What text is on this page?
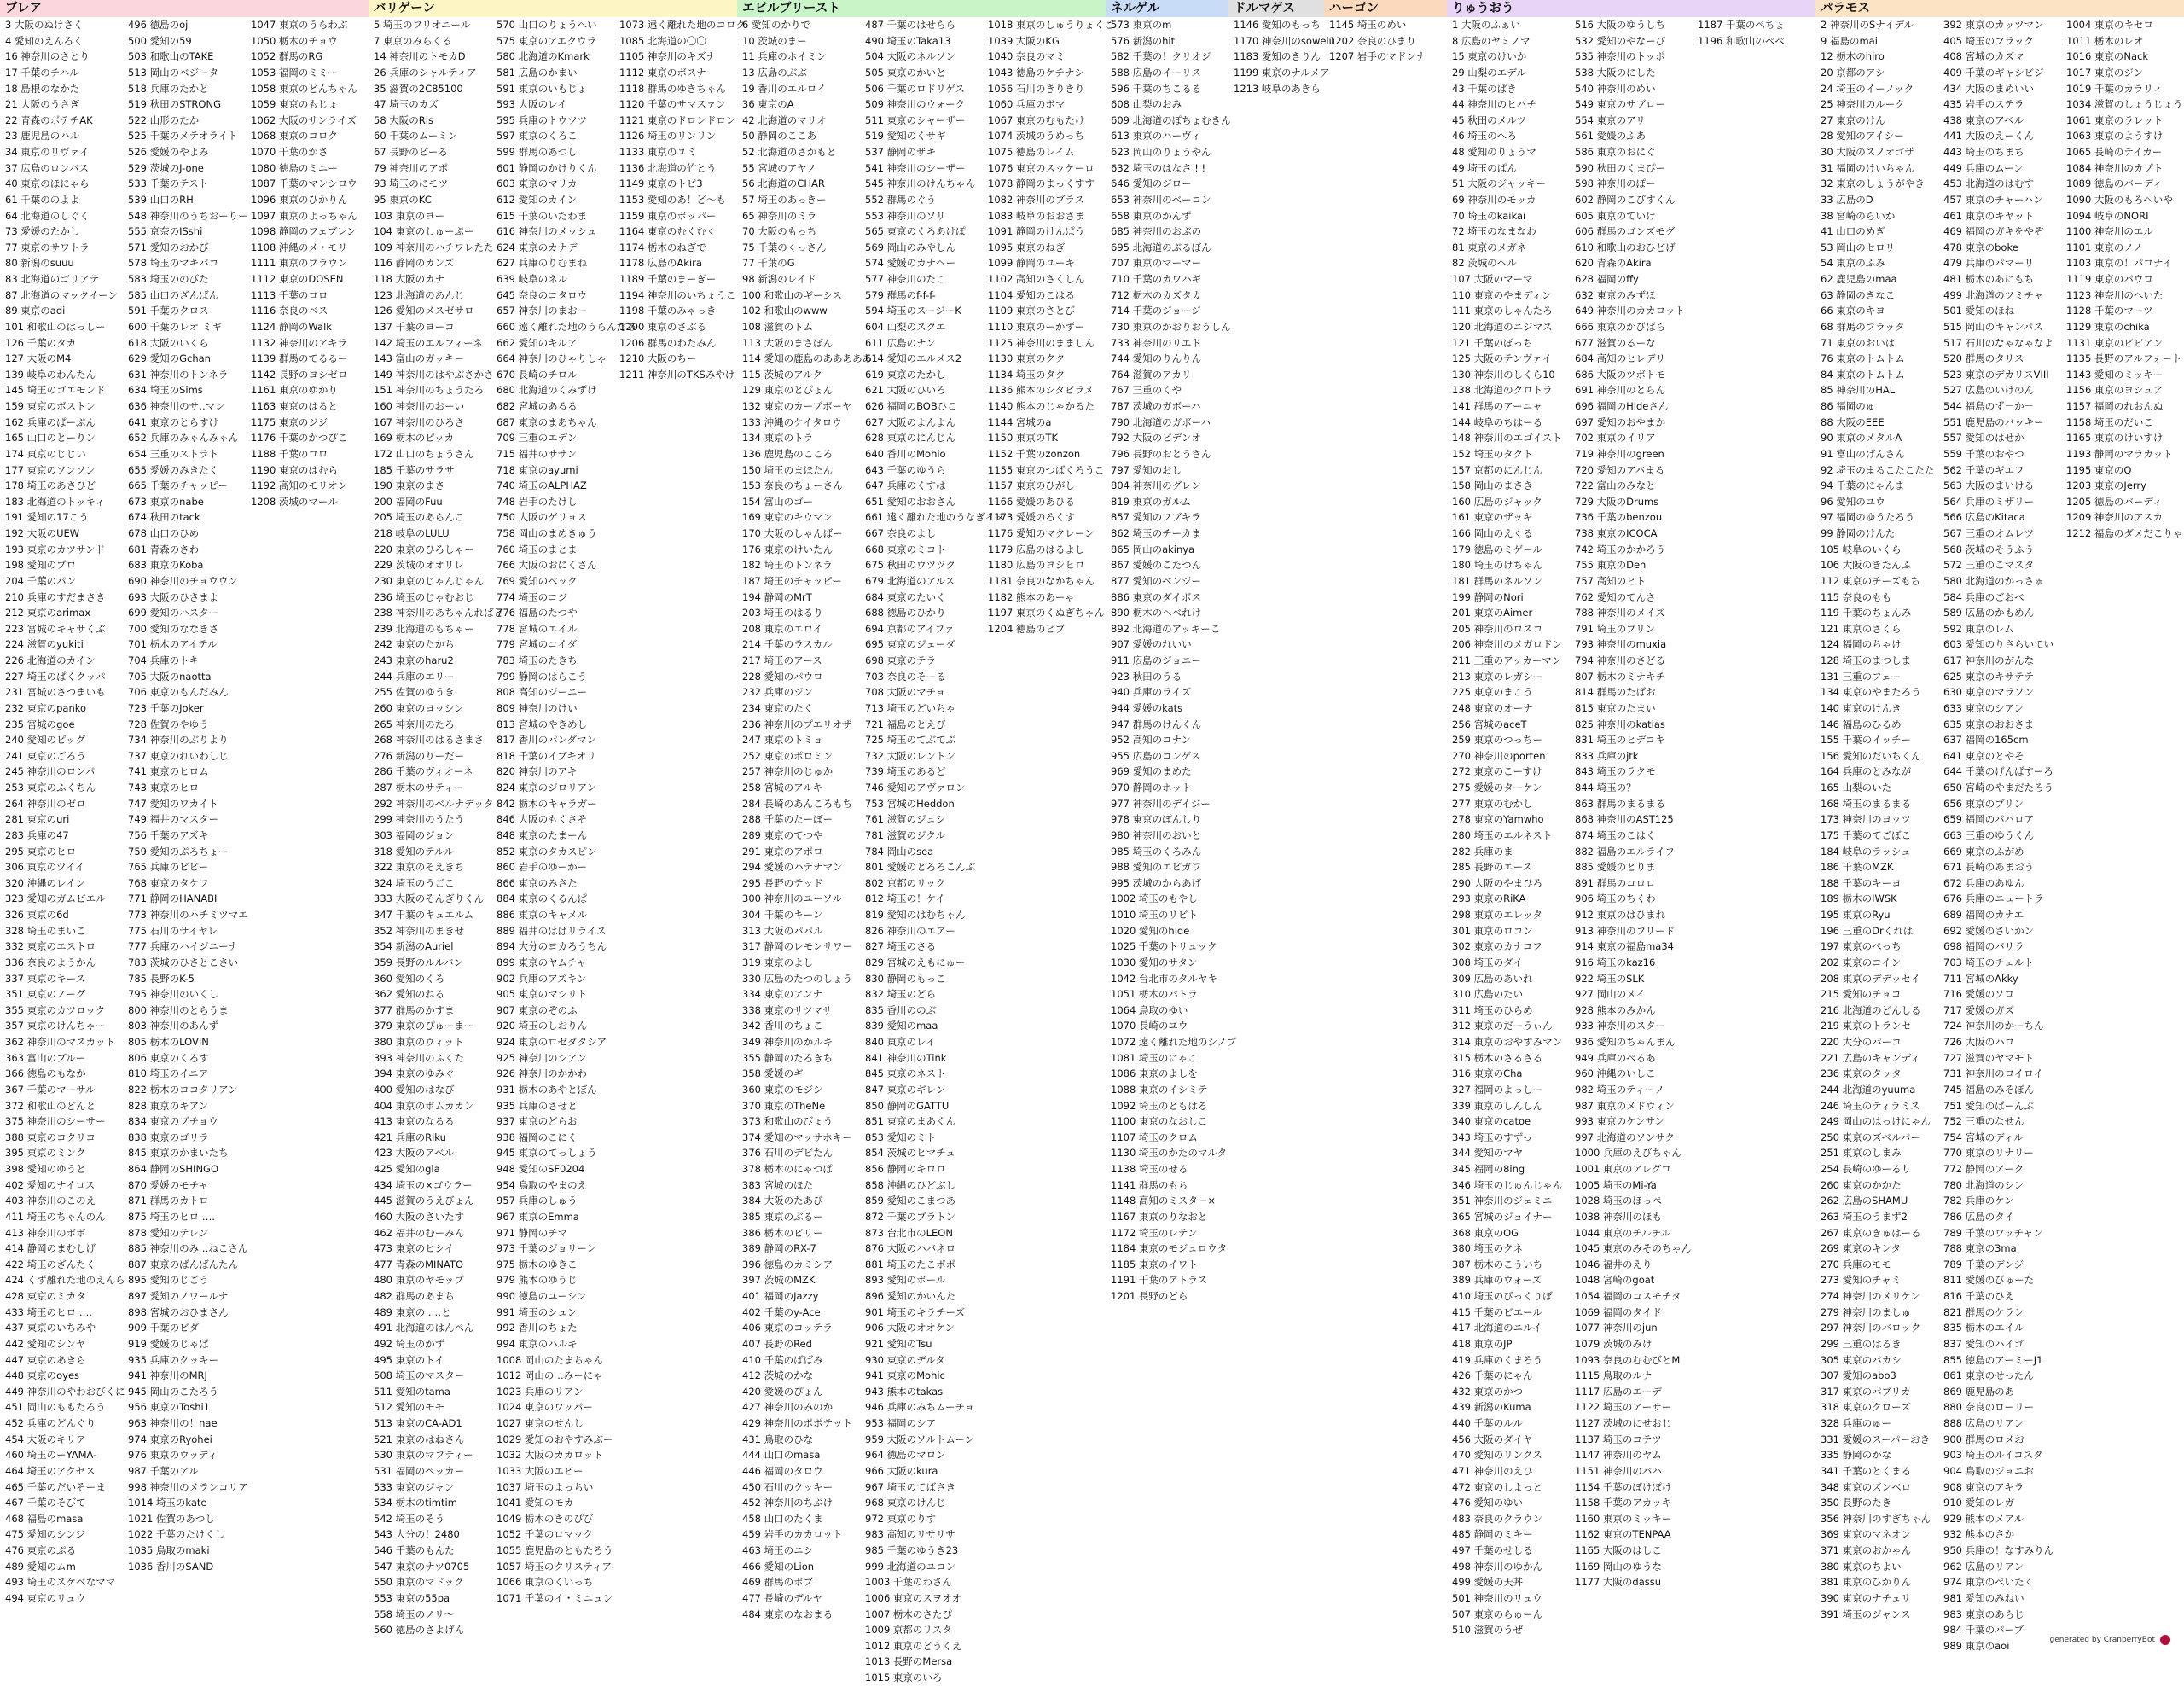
ブレア
3 大阪のぬけさく
4 愛知のえんろく
16 神奈川のさとり
17 千葉のチハル
18 島根のなかた
21 大阪のうさぎ
22 青森のポテチAK
23 鹿児島のハル
34 東京のリヴァイ
37 広島のロンバス
40 東京のほにゃら
61 千葉ののよよ
64 北海道のしぐく
73 愛媛のたかし
77 東京のサワトラ
80 新潟のsuuu
83 北海道のゴリアテ
87 北海道のマックイーン
89 東京のadi
101 和歌山のはっしー
126 千葉のタカ
127 大阪のM4
139 岐阜のわんたん
145 埼玉のゴエモンド
159 東京のボストン
162 兵庫のぱーぷん
165 山口のとーりン
174 東京のじじい
177 東京のソンソン
178 埼玉のあさひど
183 北海道のトッキィ
191 愛知の17こう
192 大阪のUEW
193 東京のカツサンド
198 愛知のプロ
204 千葉のパン
210 兵庫のすだまさき
212 東京のarimax
223 宮城のキャサくぶ
224 滋賀のyukiti
226 北海道のカイン
227 埼玉のぱくクッパ
231 宮城のさつまいも
232 東京のpanko
235 宮城のgoe
240 愛知のピッグ
241 東京のごろう
245 神奈川のロンパ
253 東京のふくちん
264 神奈川のゼロ
281 東京のuri
283 兵庫の47
295 東京のヒロ
306 東京のツイイ
320 沖縄のレイン
323 愛知のガムビエル
326 東京の6d
328 埼玉のまいこ
332 東京のエストロ
336 奈良のようかん
337 東京のキース
351 東京のノーグ
355 東京のカツロック
357 東京のけんちゃー
362 神奈川のマスカット
363 富山のブルー
366 徳島のもなか
367 千葉のマーサル
372 和歌山のどんと
375 神奈川のシーサー
388 東京のコクリコ
395 東京のミンク
398 愛知のゆうと
402 愛知のナイロス
403 神奈川のこのえ
411 埼玉のちゃんのん
413 神奈川のボボ
414 静岡のまむしげ
422 埼玉のざんたく
424 くず離れた地のえんら
428 東京のミカタ
433 埼玉のヒロ ‥‥
437 東京のいちみや
442 愛知のシンヤ
447 東京のあきら
448 東京のoyes
449 神奈川のやわおびくに
451 岡山のももたろう
452 兵庫のどんぐり
454 大阪のキリア
460 埼玉のーYAMA-
464 埼玉のアクセス
465 千葉のだいそーま
467 千葉のそびて
468 福島のmasa
475 愛知のシンジ
476 東京のぷる
489 愛知のムm
493 埼玉のスケベなママ
494 東京のリュウ
496 徳島のoj
500 愛知の59
503 和歌山のTAKE
513 岡山のベジータ
518 兵庫のたかと
519 秋田のSTRONG
522 山形のたか
525 千葉のメテオライト
526 愛媛のやよみ
529 茨城のJ-one
533 千葉のテスト
539 山口のRH
548 神奈川のうちおーりー
555 京奈のISshi
571 愛知のおかび
578 埼玉のマキバコ
583 埼玉ののびた
585 山口のざんばん
591 千葉のクロス
600 千葉のレオ ミギ
618 大阪のいくら
629 愛知のGchan
631 神奈川のトンネラ
634 埼玉のSims
636 神奈川のサ‥マン
641 東京のとらすけ
652 兵庫のみゃんみゃん
654 三重のストラト
655 愛媛のみきたく
665 千葉のチャッピー
673 東京のnabe
674 秋田のtack
678 山口のひめ
681 青森のさわ
683 東京のKoba
690 神奈川のチョウウン
693 大阪のひさまよ
699 愛知のハスター
700 愛知のななきさ
701 栃木のアイテル
704 兵庫のトキ
705 大阪のnaotta
706 東京のもんだみん
723 千葉のJoker
728 佐賀のやゆう
734 神奈川のぶりより
737 東京のれいわしじ
741 東京のヒロム
743 東京のヒロ
747 愛知のワカイト
749 福井のマスター
756 千葉のアズキ
759 愛知のぷろちょー
765 兵庫のビビー
768 東京のタケフ
771 静岡のHANABI
773 神奈川のハチミツマエ
775 石川のサイヤレ
777 兵庫のハイジニーナ
783 茨城のひさとこさい
785 長野のK-5
795 神奈川のいくし
800 神奈川のとらうま
803 神奈川のあんず
805 栃木のLOVIN
806 東京のくろす
810 埼玉のイニア
822 栃木のココタリアン
828 東京のキアン
834 東京のブチョウ
838 東京のゴリラ
845 東京のかまいたち
864 静岡のSHINGO
870 愛媛のモチャ
871 群馬のカトロ
875 埼玉のヒロ ‥‥
878 愛知のテレン
885 神奈川のみ ‥ねこさん
887 東京のばんばんたん
895 愛知のじごう
897 愛知のノワールナ
898 宮城のおひまさん
909 千葉のビダ
919 愛媛のじゃぱ
935 兵庫のクッキー
941 神奈川のMRJ
945 岡山のこたろう
956 東京のToshi1
963 神奈川の！nae
974 東京のRyohei
976 東京のウッディ
987 千葉のアル
998 神奈川のメランコリア
1014 埼玉のkate
1021 佐賀のあつし
1022 千葉のたけくし
1035 鳥取のmaki
1036 香川のSAND
1047 東京のうらわぶ
1050 栃木のチョウ
1052 群馬のRG
1053 福岡のミミー
1058 東京のどんちゃん
1059 東京のもじょ
1062 大阪のサンライズ
1068 東京のコロク
1070 千葉のかさ
1080 徳島のミニー
1087 千葉のマンシロウ
1096 東京のひかりん
1097 東京のよっちゃん
1098 静岡のフェブレン
1108 沖縄のメ・モリ
1111 東京のブラウン
1112 東京のDOSEN
1113 千葉のロロ
1116 奈良のベス
1124 静岡のWalk
1132 神奈川のアキラ
1139 群馬のてるるー
1142 長野のヨシゼロ
1161 東京のゆかり
1163 東京のはると
1175 東京のジジ
1176 千葉のかつぴこ
1188 千葉のロロ
1190 東京のはむら
1192 高知のモリオン
1208 茨城のマール
バリゲーン
5 埼玉のフリオニール
7 東京のみらくる
14 神奈川のトモカD
26 兵庫のシャルティア
35 滋賀の2C85100
47 埼玉のカズ
58 大阪のRis
60 千葉のムーミン
67 長野のビーる
79 神奈川のアポ
93 埼玉のにモツ
95 東京のKC
103 東京のヨー
104 東京のしゅーぷー
109 神奈川のハチワレたた
116 静岡のカンズ
118 大阪のカナ
123 北海道のあんじ
126 愛知のメスゼサロ
137 千葉のヨーコ
142 埼玉のエルフィーネ
143 富山のガッキー
149 神奈川のはやぶさかさ
151 神奈川のちょうたろ
160 神奈川のおーい
167 神奈川のひろさ
169 栃木のピッカ
172 山口のちょうさん
185 千葉のサラサ
190 東京のまさ
200 福岡のFuu
205 埼玉のあらんこ
218 岐阜のLULU
220 東京のひろしゃー
229 茨城のオオリレ
230 東京のじゃんじゃん
236 埼玉のじゃむおじ
238 神奈川のあちゃんればど
239 北海道のもちゃー
242 東京のたかち
243 東京のharu2
244 兵庫のエリー
255 佐賀のゆうき
260 東京のヨッシン
265 神奈川のたろ
268 神奈川のはるさまさ
276 新潟のりーだー
286 千葉のヴィオーネ
287 栃木のサティー
292 神奈川のベルナデッタ
299 神奈川のうたう
303 福岡のジョン
318 愛知のテルル
322 東京のそえきち
324 埼玉のうごこ
333 大阪のそんぎりくん
347 千葉のキュエルム
352 神奈川のまきせ
354 新潟のAuriel
359 長野のルルバン
360 愛知のくろ
362 愛知のねる
377 群馬のかすま
379 東京のぴゅーまー
380 東京のウィット
393 神奈川のふくた
394 東京のゆみぐ
400 愛知のはなび
404 東京のポムカカン
413 東京のなるる
421 兵庫のRiku
423 大阪のアベル
425 愛知のgla
434 埼玉の×ゴウラー
445 滋賀のうえびょん
460 大阪のさいたす
462 福井のむーみん
473 東京のヒシイ
477 青森のMINATO
480 東京のヤモップ
482 群馬のあまち
489 東京の ‥‥と
491 北海道のはんぺん
492 埼玉のかず
495 東京のトイ
508 埼玉のマスター
511 愛知のtama
512 愛知のモモ
513 東京のCA-AD1
521 東京のはねさん
530 東京のマフティー
531 福岡のペッカー
533 東京のジャン
534 栃木のtimtim
542 埼玉のそう
543 大分の！2480
546 千葉のもんた
547 東京のナツ0705
550 東京のマドック
553 東京の55pa
558 埼玉のノリ～
560 徳島のさよげん
570 山口のりょうへい
575 東京のアエクウラ
580 北海道のKmark
581 広島のかまい
591 東京のいもじょ
593 大阪のレイ
595 兵庫のトウツツ
597 東京のくろこ
599 群馬のあつし
601 静岡のかけりくん
603 東京のマリカ
612 愛知のカイン
615 千葉のいたわま
616 神奈川のメッシュ
624 東京のカナデ
627 兵庫のりむまね
639 岐阜のネル
645 奈良のコタロウ
657 神奈川のまおー
660 遠く離れた地のうらんだあ
662 愛知のキルア
664 神奈川のひゃりしゃ
670 長崎のチロル
680 北海道のくみずけ
682 宮城のあるる
687 東京のまあちゃん
709 三重のエデン
715 福井のササン
718 東京のayumi
740 埼玉のALPHAZ
748 岩手のたけし
750 大阪のゲリョス
758 岡山のまめきゅう
760 埼玉のまとま
766 大阪のおにくさん
769 愛知のベック
774 埼玉のコジ
776 福島のたつや
778 宮城のエイル
779 宮城のコイダ
783 埼玉のたきち
799 静岡のはらこう
808 高知のジーニー
809 神奈川のけい
813 宮城のやきめし
817 香川のパンダマン
818 千葉のイブキオリ
820 神奈川のアキ
824 東京のジロリアン
842 栃木のキャラガー
846 大阪のもくさそ
848 東京のたまーん
852 東京のタカスピン
860 岩手のゆーかー
866 東京のみさた
884 東京のくるんぱ
886 東京のキャメル
889 福井のはばリライス
894 大分のヨカろうちん
899 東京のヤムチャ
902 兵庫のアズキン
905 東京のマシリト
907 東京のぞのふ
920 埼玉のしおりん
924 東京のロゼダタシア
925 神奈川のシアン
926 神奈川のかかわ
931 栃木のあやとぼん
935 兵庫のさせと
937 東京のどらお
938 福岡のこにく
945 東京のてっしょう
948 愛知のSF0204
954 鳥取のやまのえ
957 兵庫のしゅう
967 東京のEmma
971 静岡のチマ
973 千葉のジョリーン
975 栃木のゆきこ
979 熊本のゆうじ
990 徳島のユーシン
991 埼玉のシュン
992 香川のちょた
994 東京のハルキ
1008 岡山のたまちゃん
1012 岡山の ‥みーにゃ
1023 兵庫のリアン
1024 東京のワッパー
1027 東京のせんし
1029 愛知のおやすみぶー
1032 大阪のカカロット
1033 大阪のエビー
1037 埼玉のよっちい
1041 愛知のモカ
1049 栃木のきのぴび
1052 千葉のロマック
1055 鹿児島のともたろう
1057 埼玉のクリスティア
1066 東京のくいっち
1071 千葉のイ・ミニュン
1073 遠く離れた地のコロク
1085 北海道の〇〇
1105 神奈川のキズナ
1112 東京のボスナ
1118 群馬のゆきちゃん
1120 千葉のサマスァン
1121 東京のドロンドロン
1126 埼玉のリンリン
1133 東京のユミ
1136 北海道の竹とう
1149 東京のトビ3
1153 愛知のあ！ど～も
1159 東京のボッパー
1164 東京のむくむく
1174 栃木のねぎで
1178 広島のAkira
1189 千葉のまーぎー
1194 神奈川のいちょうこ
1198 千葉のみゃっき
1200 東京のさぶる
1206 群馬のわたみん
1210 大阪のちー
1211 神奈川のTKSみやけ
エビルブリースト
6 愛知のかりで
10 茨城のまー
11 兵庫のホイミン
13 広島のぶぶ
19 香川のエルロイ
36 東京のA
42 北海道のマリオ
50 静岡のここあ
52 北海道のさかもと
55 宮城のアヤノ
56 北海道のCHAR
57 埼玉のあっきー
65 神奈川のミラ
70 大阪のもっち
75 千葉のくっさん
77 千葉のG
98 新潟のレイド
100 和歌山のギーシス
102 和歌山のwww
108 滋賀のトム
113 大阪のまさぼん
114 愛知の鹿島のあああああ
115 茨城のアルク
129 東京のとぴょん
132 東京のカーブボーヤ
133 沖縄のケイタロウ
134 東京のトラ
136 鹿児島のこころ
150 埼玉のまほたん
153 奈良のちょーさん
154 富山のゴー
169 東京のキウマン
170 大阪のしゃんばー
176 東京のけいたん
182 埼玉のトンネラ
187 埼玉のチャッピー
194 静岡のMrT
203 埼玉のはるり
208 東京のエロイ
214 千葉のラスカル
217 埼玉のアース
228 愛知のパウロ
232 兵庫のジン
234 東京のたく
236 神奈川のプエリオザ
247 東京のトミョ
252 東京のポロミン
257 神奈川のじゅか
258 宮城のアルキ
284 長崎のあんころもち
288 千葉のたーぼー
289 東京のてつや
291 東京のアポロ
294 愛媛のハテナマン
295 長野のテッド
300 神奈川のユーソル
304 千葉のキーン
313 大阪のパパル
317 静岡のレモンサワー
319 東京のよし
330 広島のたつのしょう
334 東京のアンナ
338 東京のサツマサ
342 香川のちょこ
349 神奈川のかルキ
355 静岡のたろきち
358 愛媛のギ
360 東京のモジシ
370 東京のTheNe
373 和歌山のびょう
374 愛知のマッサホキー
376 石川のデビたん
378 栃木のにゃつぱ
383 宮城のほた
384 大阪のたあび
385 東京のぶるー
386 栃木のビリー
389 静岡のRX-7
396 徳島のカミシア
397 茨城のMZK
401 福岡のJazzy
402 千葉のy-Ace
406 東京のコッテラ
407 長野のRed
410 千葉のばばみ
412 茨城のかな
420 愛媛のぴょん
427 神奈川のみのか
429 神奈川のポポテット
431 鳥取のひな
444 山口のmasa
446 福岡のタロウ
450 石川のクッキー
452 神奈川のちぶけ
458 山口のたくま
459 岩手のカカロット
463 埼玉のニシ
466 愛知のLion
469 群馬のボブ
477 長崎のデルヤ
484 東京のなおまる
487 千葉のはせらら
490 埼玉のTaka13
504 大阪のネルソン
505 東京のかいと
506 千葉のロドリゲス
509 神奈川のウォーク
511 東京のシャーザー
519 愛知のくサギ
537 静岡のザキ
541 神奈川のシーザー
545 神奈川のけんちゃん
552 群馬のぐう
553 神奈川のソリ
565 東京のくろあけぽ
569 岡山のみやしん
574 愛媛のカナヘー
577 神奈川のたこ
579 群馬のf-f-f-
594 埼玉のスージーK
604 山梨のスクエ
611 広島のナン
614 愛知のエルメス2
619 東京のたかし
621 大阪のひいろ
626 福岡のBOBひこ
627 大阪のよんよん
628 東京のにんじん
640 香川のMohio
643 千葉のゆうら
647 兵庫のくすは
651 愛知のおおさん
661 遠く離れた地のうなぎイヌ
667 奈良のよし
668 東京のミコト
675 秋田のウツツク
679 北海道のアルス
684 東京のたいく
688 徳島のひかり
694 京都のアイファ
695 東京のジェーダ
698 東京のテラ
703 奈良のそーる
708 大阪のマチョ
713 埼玉のどいちゃ
721 福島のとえび
725 埼玉のてぶてぶ
732 大阪のレントン
739 埼玉のあるど
746 愛知のアヴァロン
753 宮城のHeddon
761 滋賀のジュシ
781 滋賀のジクル
784 岡山のsea
801 愛媛のとろろこんぶ
802 京都のリック
812 埼玉の！ケイ
819 愛知のはむちゃん
826 神奈川のエアー
827 埼玉のさる
829 宮城のえもにゅー
830 静岡のもっこ
832 埼玉のどら
835 香川ののぶ
839 愛知のmaa
840 東京のレイ
841 神奈川のTink
845 東京のネスト
847 東京のギレン
850 静岡のGATTU
851 東京のまあくん
853 愛知のミト
854 茨城のヒマチュ
856 静岡のキロロ
858 沖縄のひどぶし
859 愛知のこまつあ
872 千葉のブラトン
873 台北市のLEON
876 大阪のハバネロ
881 埼玉のたこポポ
893 愛知のボール
896 愛知のかいんた
901 埼玉のキラチーズ
906 大阪のオオケン
921 愛知のTsu
930 東京のデルタ
941 東京のMohic
943 熊本のtakas
946 兵庫のみちムーチョ
953 福岡のシア
959 大阪のソルトムーン
964 徳島のマロン
966 大阪のkura
967 埼玉のてばさき
968 東京のけんじ
972 東京のりす
983 高知のリサリサ
985 千葉のゆうき23
999 北海道のユコン
1003 千葉のわさん
1006 東京のスヲオオ
1007 栃木のさたぴ
1009 京都のリスタ
1012 東京のどうくえ
1013 長野のMersa
1015 東京のいろ
1018 東京のしゅうりょくご
1039 大阪のKG
1040 奈良のマミ
1043 徳島のケチナシ
1056 石川のきりきり
1060 兵庫のボマ
1067 東京のむもたけ
1074 茨城のうめっち
1075 徳島のレイム
1076 東京のスッケーロ
1078 静岡のまっくすす
1082 神奈川のブラス
1083 岐阜のおおさま
1091 静岡のけんぱう
1095 東京のねぎ
1099 静岡のユーキ
1102 高知のさくしん
1104 愛知のこはる
1109 東京のさとび
1110 東京のーかずー
1125 神奈川のまましん
1130 東京のクク
1134 埼玉のタク
1136 熊本のシタビラメ
1140 熊本のじゃかるた
1144 宮城のa
1150 東京のTK
1152 千葉のzonzon
1155 東京のつばくろうこ
1157 東京のひがし
1166 愛媛のあひる
1173 愛媛のろくす
1176 愛知のマクレーン
1179 広島のはるよし
1180 広島のヨシヒロ
1181 奈良のなかちゃん
1182 熊本のあーゃ
1197 東京のくぬぎちゃん
1204 徳島のピブ
ネルゲル
573 東京のm
576 新潟のhit
582 千葉の！クリオジ
588 広島のイーリス
596 千葉のちこるる
608 山梨のおみ
609 北海道のぽちょむきん
613 東京のハーヴィ
623 岡山のりょうやん
632 埼玉のはなさ ! !
646 愛知のジロー
653 神奈川のベーコン
658 東京のかんず
685 神奈川のおぶの
695 北海道のぶるぼん
707 東京のマーマー
710 千葉のカワハギ
712 栃木のカズタカ
714 千葉のジョージ
730 東京のかおりおうしん
733 神奈川のリエド
744 愛知のりんりん
764 滋賀のアカリ
767 三重のくや
787 茨城のガボーハ
790 北海道のガボーハ
792 大阪のビデンオ
796 長野のおとうさん
797 愛知のおし
804 神奈川のグレン
819 東京のガルム
857 愛知のフブキラ
862 埼玉のチーカま
865 岡山のakinya
867 愛媛のこたつん
877 愛知のベンジー
886 東京のダイボス
890 栃木のへべれけ
892 北海道のアッキーこ
907 愛媛のれいい
911 広島のジョニー
923 秋田のうる
940 兵庫のライズ
944 愛媛のkats
947 群馬のけんくん
952 高知のコナン
955 広島のコンゲス
969 愛知のまめた
970 静岡のホット
977 神奈川のデイジー
978 東京のぽんしり
980 神奈川のおいと
985 埼玉のくろみん
988 愛知のエビガワ
995 茨城のからあげ
1002 埼玉のもやし
1010 埼玉のリビト
1020 愛知のhide
1025 千葉のトリュック
1030 愛知のサタン
1042 台北市のタルヤキ
1051 栃木のパトラ
1064 鳥取のゆい
1070 長崎のユウ
1072 遠く離れた地のシノブ
1081 埼玉のにゃこ
1086 東京のよしを
1088 東京のイシミテ
1092 埼玉のともはる
1100 東京のなおしこ
1107 埼玉のクロム
1130 埼玉のかたのマルタ
1138 埼玉のせる
1141 群馬のもち
1148 高知のミスター×
1167 東京のりなおと
1172 埼玉のレテン
1184 東京のモジュロウタ
1185 東京のイワト
1191 千葉のアトラス
1201 長野のどら
1146 愛知のもっち
1170 神奈川のsowelu
1183 愛知のきりん
1199 東京のナルメア
1213 岐阜のあきら
ドルマゲス	ハーゴン
1145 埼玉のめい
1202 奈良のひまり
1207 岩手のマドンナ
りゅうおう
1 大阪のふぁい
8 広島のヤミノマ
15 東京のけいか
29 山梨のエデル
43 千葉のぱき
44 神奈川のヒバチ
45 秋田のメルツ
46 埼玉のへろ
48 愛知のりょうマ
49 埼玉のぱん
51 大阪のジャッキー
69 神奈川のモッカ
70 埼玉のkaikai
72 埼玉のなまなわ
81 東京のメガネ
82 茨城のヘル
107 大阪のマーマ
110 東京のやまディン
111 東京のしゃんたろ
120 北海道のニジマス
121 千葉のぼっち
125 大阪のテンヴァイ
130 神奈川のしくら10
138 北海道のクロトラ
141 群馬のアーニャ
144 岐阜のちはーる
148 神奈川のエゴイスト
152 埼玉のタクト
157 京都のにんじん
158 岡山のまさき
160 広島のジャック
161 東京のザッキ
166 岡山のえくる
179 徳島のミゲール
180 埼玉のけちゃん
181 群馬のネルソン
199 静岡のNori
201 東京のAimer
205 神奈川のロスコ
206 神奈川のメガロドン
211 三重のアッカーマン
213 東京のレガシー
225 東京のまこう
248 東京のオーナ
256 宮城のaceT
259 東京のつっちー
270 神奈川のporten
272 東京のこーすけ
275 愛媛のターケン
277 東京のむかし
278 東京のYamwho
280 埼玉のエルネスト
282 兵庫のま
285 長野のエース
290 大阪のやまひろ
293 東京のRiKA
298 東京のエレッタ
301 東京のロコン
302 東京のカナコフ
308 埼玉のダイ
309 広島のあいれ
310 広島のたい
311 埼玉のひらめ
312 東京のだーうぃん
314 東京のおやすみマン
315 栃木のさるさる
316 東京のCha
327 福岡のよっしー
339 東京のしんしん
340 東京のcatoe
343 埼玉のすずっ
344 愛知のマヤ
345 福岡の8ing
346 埼玉のじゅんじゃん
351 神奈川のジェミニ
365 宮城のジョイナー
368 東京のOG
380 埼玉のクネ
387 栃木のこういち
389 兵庫のウォーズ
410 埼玉のびっくりぼ
415 千葉のビエール
417 北海道のニルイ
418 東京のJP
419 兵庫のくまろう
426 千葉のにゃん
432 東京のかつ
439 新潟のKuma
440 千葉のルル
456 大阪のダイヤ
470 愛知のリンクス
471 神奈川のえひ
472 東京のしよっと
476 愛知のゆい
483 奈良のクラウン
485 静岡のミキー
497 千葉のせしる
498 神奈川のゆかん
499 愛媛の天丼
501 神奈川のリュウ
507 東京のらゅーん
510 滋賀のうぜ
516 大阪のゆうしち
532 愛知のやなーぴ
535 神奈川のトッポ
538 大阪のにした
540 神奈川のめい
549 東京のサブロー
554 東京のアリ
561 愛媛のふあ
586 東京のおにぐ
590 秋田のくまぴー
598 神奈川のぽー
602 静岡のこびすくん
605 東京のていけ
606 群馬のゴンズモグ
610 和歌山のおひどげ
620 青森のAkira
628 福岡のffy
632 東京のみずほ
649 神奈川のカカロット
666 東京のかびばら
677 滋賀のるーな
684 高知のヒレデリ
686 大阪のツボトモ
691 神奈川のとらん
696 福岡のHideさん
697 愛知のおやまか
702 東京のイリア
719 神奈川のgreen
720 愛知のアバまる
722 富山のみなと
729 大阪のDrums
736 千葉のbenzou
738 東京のICOCA
742 埼玉のかかろう
755 東京のDen
757 高知のヒト
762 愛知のてんさ
788 神奈川のメイズ
791 埼玉のブリン
793 神奈川のmuxia
794 神奈川のさどる
807 栃木のミナキチ
814 群馬のたばお
815 東京のたまい
825 神奈川のkatias
831 埼玉のヒデコキ
833 兵庫のjtk
843 埼玉のラクモ
844 埼玉の？
863 群馬のまるまる
868 神奈川のAST125
874 埼玉のこはく
882 福島のエルライフ
885 愛媛のとりま
891 群馬のコロロ
906 埼玉のちくわ
912 東京のはひまれ
913 神奈川のフリード
914 東京の福島ma34
916 埼玉のkaz16
922 埼玉のSLK
927 岡山のメイ
928 熊本のみかん
933 神奈川のスター
936 愛知のちゃんまん
949 兵庫のぺるあ
960 沖縄のいしこ
982 埼玉のティーノ
987 東京のメドウィン
993 東京のケンサン
997 北海道のソンサク
1000 兵庫のえびちゃん
1001 東京のアレグロ
1005 埼玉のMi-Ya
1028 埼玉のほっぺ
1038 神奈川のほも
1044 東京のチルチル
1045 東京のみそのちゃん
1046 福井のえり
1048 宮崎のgoat
1054 福岡のコスモチタ
1069 福岡のタイド
1077 神奈川のjun
1079 茨城のみけ
1093 奈良のむむびとM
1115 鳥取のルナ
1117 広島のエーデ
1122 埼玉のアーサー
1127 茨城のにせおじ
1137 埼玉のコテツ
1147 神奈川のヤム
1151 神奈川のバハ
1154 千葉のぽけぽけ
1158 千葉のアカッキ
1160 東京のミッキー
1162 東京のTENPAA
1165 大阪のはしこ
1169 岡山のゆうな
1177 大阪のdassu
1187 千葉のぺちょ
1196 和歌山のぺべ
パラモス
2 神奈川のSナイデル
9 福島のmai
12 栃木のhiro
20 京都のアシ
24 埼玉のイーノック
25 神奈川のルーク
27 東京のけん
28 愛知のアイシー
30 大阪のスノオゴザ
31 福岡のけいちゃん
32 東京のしょうがやき
33 広島のD
38 宮崎のらいか
41 山口のめぎ
53 岡山のセロリ
54 東京のふみ
62 鹿児島のmaa
63 静岡のきなこ
66 東京のキヨ
68 群馬のフラッタ
71 東京のおいは
76 東京のトムトム
84 東京のトムトム
85 神奈川のHAL
86 福岡のゅ
88 大阪のEEE
90 東京のメタルA
91 富山のげんさん
92 埼玉のまるこたこたた
94 千葉のにゃんま
96 愛知のユウ
97 福岡のゆうたろう
99 静岡のけんた
105 岐阜のいくら
106 大阪のきたんふ
112 東京のチーズもち
115 奈良のもも
119 千葉のちょんみ
121 東京のさくら
124 福岡のちゃけ
128 埼玉のまつしま
131 三重のフェー
134 東京のやまたろう
140 東京のけんき
146 福島のひるめ
155 千葉のイッチー
156 愛知のだいちくん
164 兵庫のとみなが
165 山梨のいた
168 埼玉のまるまる
173 神奈川のヨッツ
175 千葉のてごぼこ
184 岐阜のラッシュ
186 千葉のMZK
188 千葉のキーヨ
189 栃木のIWSK
195 東京のRyu
196 三重のDrくれは
197 東京のぺっち
202 東京のコイン
208 東京のデデッセイ
215 愛知のチョコ
216 北海道のどんしる
219 東京のトランセ
220 大分のパーコ
221 広島のキャンディ
236 東京のタッタ
244 北海道のyuuma
246 埼玉のティラミス
249 岡山のはっけにゃん
250 東京のズベルパー
251 東京のしまみ
254 長崎のゆーるり
260 東京のかかた
262 広島のSHAMU
263 埼玉のうまず2
267 東京のきゅはーる
269 東京のキンタ
270 兵庫のモモ
273 愛知のチャミ
274 神奈川のメリケン
279 神奈川のましゅ
297 神奈川のバロック
299 三重のはるき
305 東京のパカシ
307 愛知のabo3
317 東京のパブリカ
318 東京のクローズ
328 兵庫のゅー
331 愛媛のスーパーおき
335 静岡のかな
341 千葉のとくまる
348 東京のズンベロ
350 長野のたき
356 神奈川のすぎちゃん
369 東京のマネオン
371 東京のおかゃん
380 東京のちよい
381 東京のひかりん
390 東京のナチュリ
391 埼玉のジャンス
392 東京のカッツマン
405 埼玉のフラック
408 宮城のカズマ
409 千葉のギャシビジ
434 大阪のまめいい
435 岩手のステラ
438 東京のアベル
441 大阪のえーくん
443 埼玉のちまち
449 兵庫のムーン
453 北海道のはむす
457 東京のチャーハン
461 東京のキヤット
469 福岡のガキをやぞ
478 東京のboke
479 兵庫のパマーリ
481 栃木のあにもち
499 北海道のツミチャ
501 愛知のほね
515 岡山のキャンパス
517 石川のなゃなゃなよ
520 群馬のタリス
523 東京のデカリスVIII
527 広島のいけのん
544 福島のず－か－
551 鹿児島のバッキー
557 愛知のはせか
559 千葉のおやつ
562 千葉のギエフ
563 大阪のまいける
564 兵庫のミザリー
566 広島のKitaca
567 三重のオムレツ
568 茨城のそうふう
572 三重のこマスタ
580 北海道のかっさゅ
584 兵庫のごおべ
589 広島のかもめん
592 東京のレム
603 愛知のりさらいてい
617 神奈川のがんな
625 東京のキサテテ
630 東京のマラソン
633 東京のシアン
635 東京のおおさま
637 福岡の165cm
641 東京のとやそ
644 千葉のげんばすーろ
650 宮崎のやまだたろう
656 東京のブリン
659 福岡のパバロア
663 三重のゆうくん
669 東京のふがめ
671 長崎のあまおう
672 兵庫のあゆん
676 兵庫のニュートラ
689 福岡のカナエ
692 愛媛のさいかン
698 福岡のバリラ
703 埼玉のチェルト
711 宮城のAkky
716 愛媛のソロ
717 愛媛のガズ
724 神奈川のかーちん
726 大阪のハロ
727 滋賀のヤマモト
731 神奈川のロイロイ
745 福島のみそぼん
751 愛知のぱーんぷ
752 三重のなせん
754 宮城のディル
770 東京のリナリー
772 静岡のアーク
780 北海道のシン
782 兵庫のケン
786 広島のタイ
789 千葉のワッチャン
788 東京の3ma
789 千葉のデンジ
811 愛媛のびゅーた
816 千葉のひえ
821 群馬のケラン
835 栃木のエイル
837 愛知のハイゴ
855 徳島のアーミーJ1
861 東京のせったん
869 鹿児島のあ
880 奈良のローリー
888 広島のリアン
900 群馬のロメお
903 埼玉のルイコスタ
904 鳥取のジョニお
908 東京のアキラ
910 愛知のレガ
929 熊本のメアル
932 熊本のさか
950 兵庫の！なすみりん
962 広島のリアン
974 東京のぺいたく
981 愛知のみねい
983 東京のあらじ
984 千葉のパーブ
989 東京のaoi
1004 東京のキセロ
1011 栃木のレオ
1016 東京のNack
1017 東京のジン
1019 千葉のカラリィ
1034 滋賀のしょうじょう
1061 東京のラレット
1063 東京のようすけ
1065 長崎のテイカー
1084 神奈川のカプト
1089 徳島のバーディ
1090 大阪のもろへいや
1094 岐阜のNORI
1100 神奈川のエル
1101 東京のノノ
1103 東京の！パロナイ
1119 東京のパウロ
1123 神奈川のへいた
1128 千葉のマーツ
1129 東京のchika
1131 東京のビビアン
1135 長野のアルフォート
1143 愛知のミッキー
1156 東京のヨシュア
1157 福岡のれおんぬ
1158 埼玉のだいこ
1165 東京のけいすけ
1193 静岡のマラカット
1195 東京のQ
1203 東京のJerry
1205 徳島のバーディ
1209 神奈川のアスカ
1212 福島のダメだこりゃ
generated by CranberryBot
